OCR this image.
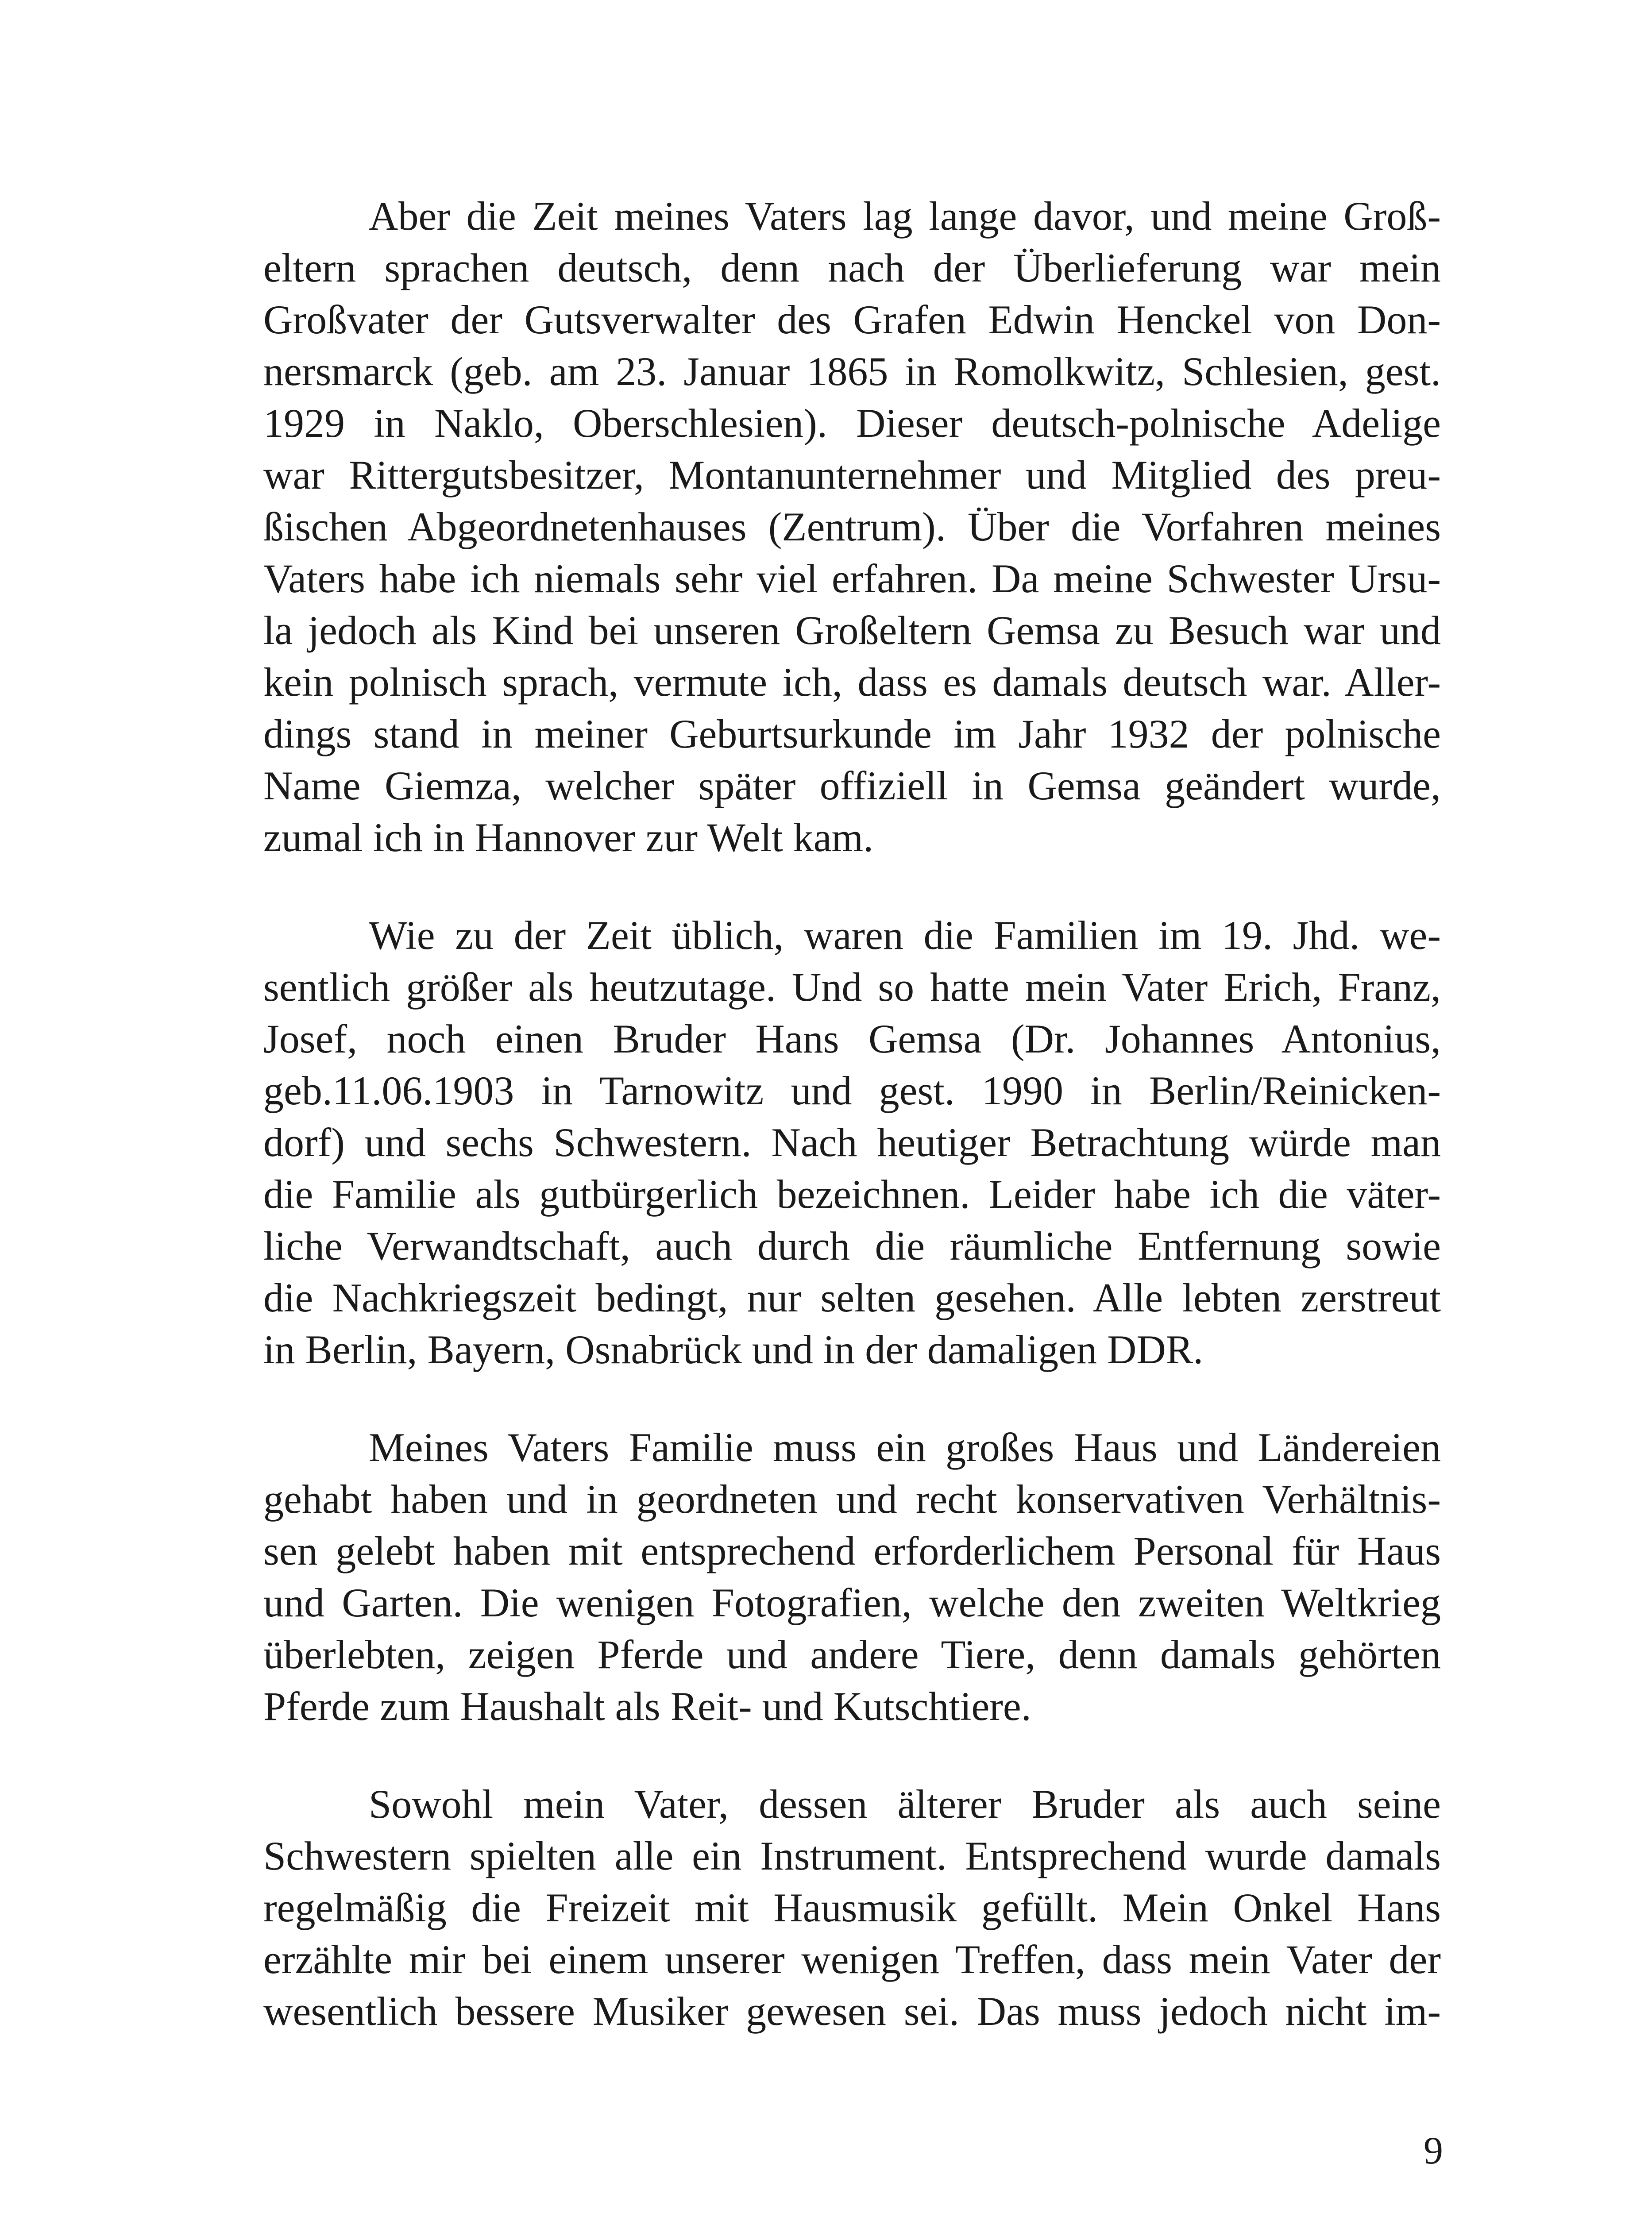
Aber die Zeit meines Vaters lag lange davor, und meine Groß-
eltern sprachen deutsch, denn nach der Überlieferung war mein
Großvater der Gutsverwalter des Grafen Edwin Henckel von Don-
nersmarck (geb. am 23. Januar 1865 in Romolkwitz, Schlesien, gest.
1929 in Naklo, Oberschlesien). Dieser deutsch-polnische Adelige
war Rittergutsbesitzer, Montanunternehmer und Mitglied des preu-
ßischen Abgeordnetenhauses (Zentrum). Über die Vorfahren meines
Vaters habe ich niemals sehr viel erfahren. Da meine Schwester Ursu-
la jedoch als Kind bei unseren Großeltern Gemsa zu Besuch war und
kein polnisch sprach, vermute ich, dass es damals deutsch war. Aller-
dings stand in meiner Geburtsurkunde im Jahr 1932 der polnische
Name Giemza, welcher später offiziell in Gemsa geändert wurde,
zumal ich in Hannover zur Welt kam.
Wie zu der Zeit üblich, waren die Familien im 19. Jhd. we-
sentlich größer als heutzutage. Und so hatte mein Vater Erich, Franz,
Josef, noch einen Bruder Hans Gemsa (Dr. Johannes Antonius,
geb.11.06.1903 in Tarnowitz und gest. 1990 in Berlin/Reinicken-
dorf) und sechs Schwestern. Nach heutiger Betrachtung würde man
die Familie als gutbürgerlich bezeichnen. Leider habe ich die väter-
liche Verwandtschaft, auch durch die räumliche Entfernung sowie
die Nachkriegszeit bedingt, nur selten gesehen. Alle lebten zerstreut
in Berlin, Bayern, Osnabrück und in der damaligen DDR.
Meines Vaters Familie muss ein großes Haus und Ländereien
gehabt haben und in geordneten und recht konservativen Verhältnis-
sen gelebt haben mit entsprechend erforderlichem Personal für Haus
und Garten. Die wenigen Fotografien, welche den zweiten Weltkrieg
überlebten, zeigen Pferde und andere Tiere, denn damals gehörten
Pferde zum Haushalt als Reit- und Kutschtiere.
Sowohl mein Vater, dessen älterer Bruder als auch seine
Schwestern spielten alle ein Instrument. Entsprechend wurde damals
regelmäßig die Freizeit mit Hausmusik gefüllt. Mein Onkel Hans
erzählte mir bei einem unserer wenigen Treffen, dass mein Vater der
wesentlich bessere Musiker gewesen sei. Das muss jedoch nicht im-
9
